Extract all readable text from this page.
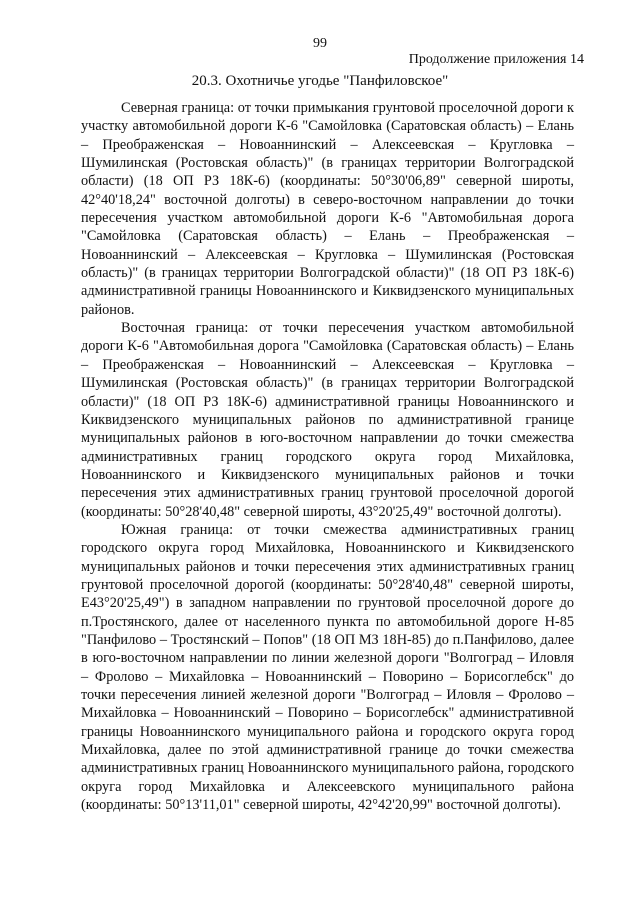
99
Продолжение приложения 14
20.3. Охотничье угодье "Панфиловское"

Северная граница: от точки примыкания грунтовой проселочной дороги к участку автомобильной дороги К-6 "Самойловка (Саратовская область) – Елань – Преображенская – Новоаннинский – Алексеевская – Кругловка – Шумилинская (Ростовская область)" (в границах территории Волгоградской области) (18 ОП РЗ 18К-6) (координаты: 50°30'06,89" северной широты, 42°40'18,24" восточной долготы) в северо-восточном направлении до точки пересечения участком автомобильной дороги К-6 "Автомобильная дорога "Самойловка (Саратовская область) – Елань – Преображенская – Новоаннинский – Алексеевская – Кругловка – Шумилинская (Ростовская область)" (в границах территории Волгоградской области)" (18 ОП РЗ 18К-6) административной границы Новоаннинского и Киквидзенского муниципальных районов.

Восточная граница: от точки пересечения участком автомобильной дороги К-6 "Автомобильная дорога "Самойловка (Саратовская область) – Елань – Преображенская – Новоаннинский – Алексеевская – Кругловка – Шумилинская (Ростовская область)" (в границах территории Волгоградской области)" (18 ОП РЗ 18К-6) административной границы Новоаннинского и Киквидзенского муниципальных районов по административной границе муниципальных районов в юго-восточном направлении до точки смежества административных границ городского округа город Михайловка, Новоаннинского и Киквидзенского муниципальных районов и точки пересечения этих административных границ грунтовой проселочной дорогой (координаты: 50°28'40,48" северной широты, 43°20'25,49" восточной долготы).

Южная граница: от точки смежества административных границ городского округа город Михайловка, Новоаннинского и Киквидзенского муниципальных районов и точки пересечения этих административных границ грунтовой проселочной дорогой (координаты: 50°28'40,48" северной широты, E43°20'25,49") в западном направлении по грунтовой проселочной дороге до п.Тростянского, далее от населенного пункта по автомобильной дороге Н-85 "Панфилово – Тростянский – Попов" (18 ОП МЗ 18Н-85) до п.Панфилово, далее в юго-восточном направлении по линии железной дороги "Волгоград – Иловля – Фролово – Михайловка – Новоаннинский – Поворино – Борисоглебск" до точки пересечения линией железной дороги "Волгоград – Иловля – Фролово – Михайловка – Новоаннинский – Поворино – Борисоглебск" административной границы Новоаннинского муниципального района и городского округа город Михайловка, далее по этой административной границе до точки смежества административных границ Новоаннинского муниципального района, городского округа город Михайловка и Алексеевского муниципального района (координаты: 50°13'11,01" северной широты, 42°42'20,99" восточной долготы).
